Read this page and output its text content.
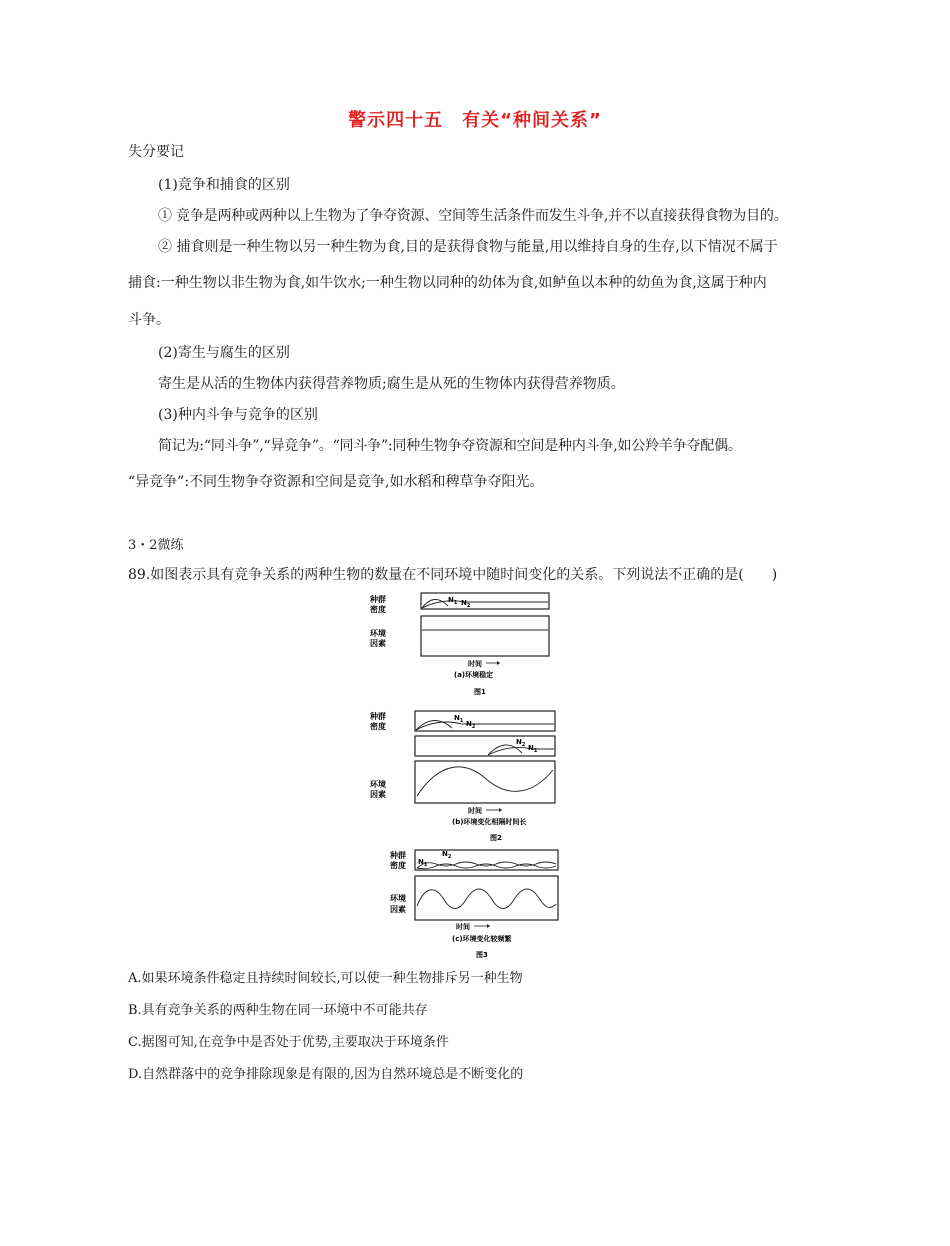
警示四十五　有关“种间关系”
失分要记
(1)竞争和捕食的区别
① 竞争是两种或两种以上生物为了争夺资源、空间等生活条件而发生斗争,并不以直接获得食物为目的。
② 捕食则是一种生物以另一种生物为食,目的是获得食物与能量,用以维持自身的生存,以下情况不属于
捕食:一种生物以非生物为食,如牛饮水;一种生物以同种的幼体为食,如鲈鱼以本种的幼鱼为食,这属于种内
斗争。
(2)寄生与腐生的区别
寄生是从活的生物体内获得营养物质;腐生是从死的生物体内获得营养物质。
(3)种内斗争与竞争的区别
简记为:“同斗争”,“异竞争”。“同斗争”:同种生物争夺资源和空间是种内斗争,如公羚羊争夺配偶。
“异竞争”:不同生物争夺资源和空间是竞争,如水稻和稗草争夺阳光。
3・2微练
89.如图表示具有竞争关系的两种生物的数量在不同环境中随时间变化的关系。下列说法不正确的是(　　)
种群
密度
$N_1$ $N_2$
环境
因素
时间
(a)环境稳定
图1
种群
密度
$N_1$ $N_2$
$N_2$ $N_1$
环境
因素
时间
(b)环境变化相隔时间长
图2
种群
密度 $N_1$
$N_2$
环境
因素
时间
(c)环境变化较频繁
图3
A.如果环境条件稳定且持续时间较长,可以使一种生物排斥另一种生物
B.具有竞争关系的两种生物在同一环境中不可能共存
C.据图可知,在竞争中是否处于优势,主要取决于环境条件
D.自然群落中的竞争排除现象是有限的,因为自然环境总是不断变化的
